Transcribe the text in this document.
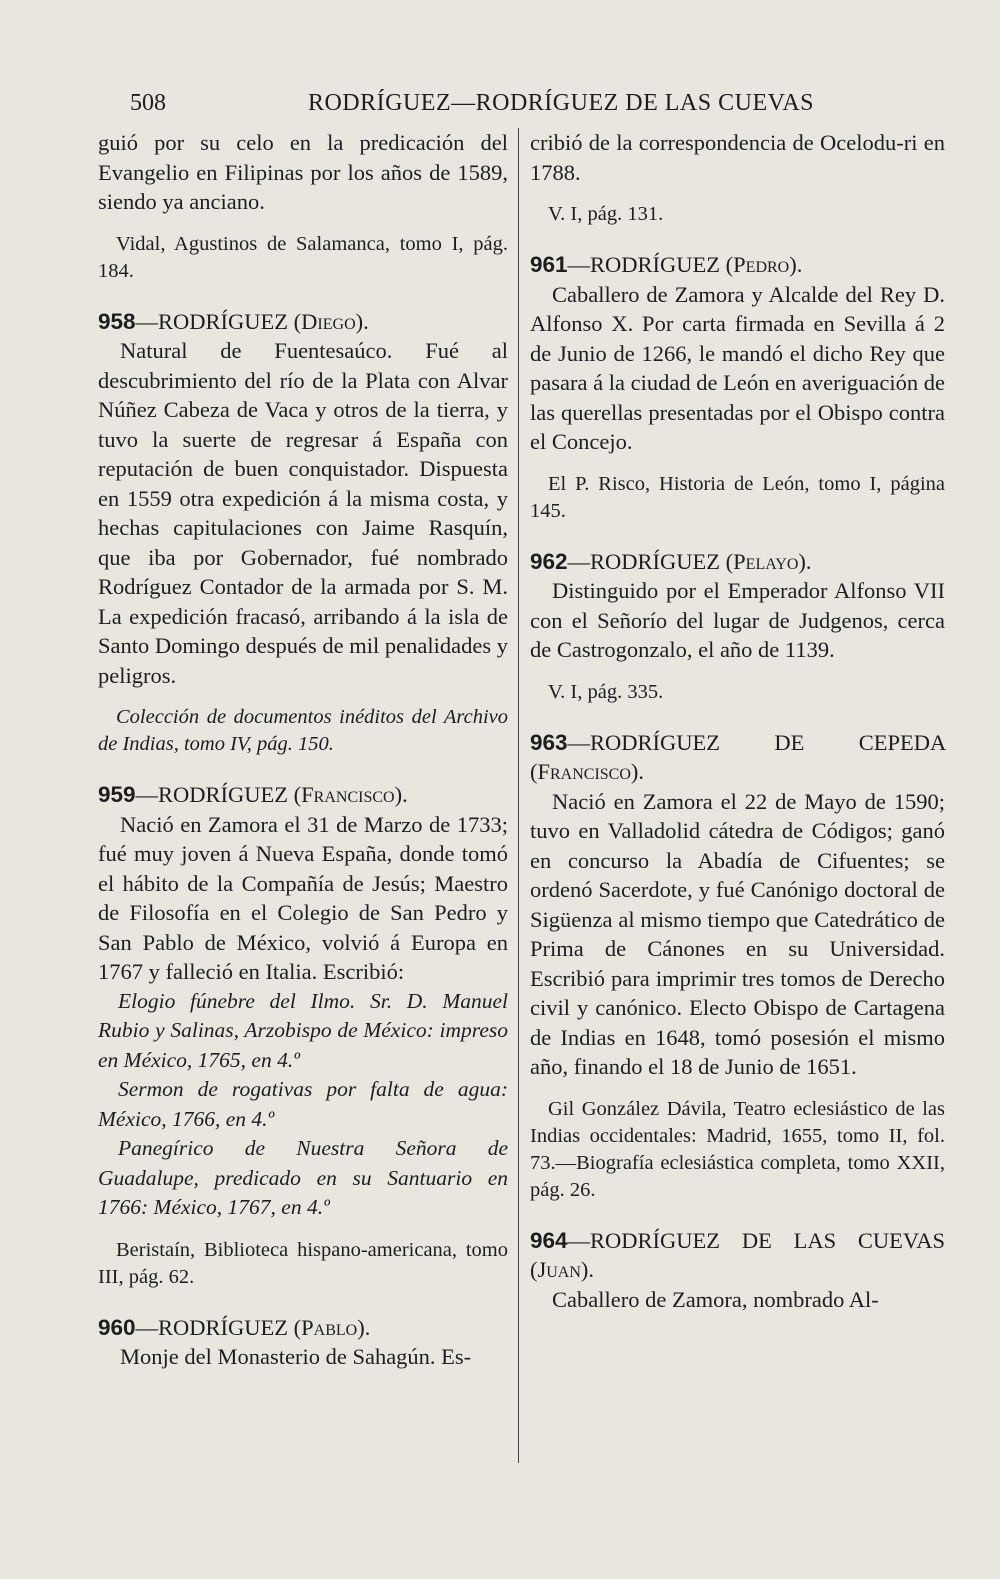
508	RODRÍGUEZ—RODRÍGUEZ DE LAS CUEVAS

guió por su celo en la predicación del Evangelio en Filipinas por los años de 1589, siendo ya anciano.

Vidal, Agustinos de Salamanca, tomo I, pág. 184.

958—RODRÍGUEZ (Diego).

Natural de Fuentesaúco. Fué al descubrimiento del río de la Plata con Alvar Núñez Cabeza de Vaca y otros de la tierra, y tuvo la suerte de regresar á España con reputación de buen conquistador. Dispuesta en 1559 otra expedición á la misma costa, y hechas capitulaciones con Jaime Rasquín, que iba por Gobernador, fué nombrado Rodríguez Contador de la armada por S. M. La expedición fracasó, arribando á la isla de Santo Domingo después de mil penalidades y peligros.

Colección de documentos inéditos del Archivo de Indias, tomo IV, pág. 150.

959—RODRÍGUEZ (Francisco).

Nació en Zamora el 31 de Marzo de 1733; fué muy joven á Nueva España, donde tomó el hábito de la Compañía de Jesús; Maestro de Filosofía en el Colegio de San Pedro y San Pablo de México, volvió á Europa en 1767 y falleció en Italia. Escribió:

Elogio fúnebre del Ilmo. Sr. D. Manuel Rubio y Salinas, Arzobispo de México: impreso en México, 1765, en 4.º

Sermon de rogativas por falta de agua: México, 1766, en 4.º

Panegírico de Nuestra Señora de Guadalupe, predicado en su Santuario en 1766: México, 1767, en 4.º

Beristaín, Biblioteca hispano-americana, tomo III, pág. 62.

960—RODRÍGUEZ (Pablo).

Monje del Monasterio de Sahagún. Es-

cribió de la correspondencia de Ocelodu-ri en 1788.

V. I, pág. 131.

961—RODRÍGUEZ (Pedro).

Caballero de Zamora y Alcalde del Rey D. Alfonso X. Por carta firmada en Sevilla á 2 de Junio de 1266, le mandó el dicho Rey que pasara á la ciudad de León en averiguación de las querellas presentadas por el Obispo contra el Concejo.

El P. Risco, Historia de León, tomo I, página 145.

962—RODRÍGUEZ (Pelayo).

Distinguido por el Emperador Alfonso VII con el Señorío del lugar de Judgenos, cerca de Castrogonzalo, el año de 1139.

V. I, pág. 335.

963—RODRÍGUEZ DE CEPEDA (Francisco).

Nació en Zamora el 22 de Mayo de 1590; tuvo en Valladolid cátedra de Códigos; ganó en concurso la Abadía de Cifuentes; se ordenó Sacerdote, y fué Canónigo doctoral de Sigüenza al mismo tiempo que Catedrático de Prima de Cánones en su Universidad. Escribió para imprimir tres tomos de Derecho civil y canónico. Electo Obispo de Cartagena de Indias en 1648, tomó posesión el mismo año, finando el 18 de Junio de 1651.

Gil González Dávila, Teatro eclesiástico de las Indias occidentales: Madrid, 1655, tomo II, fol. 73.—Biografía eclesiástica completa, tomo XXII, pág. 26.

964—RODRÍGUEZ DE LAS CUEVAS (Juan).

Caballero de Zamora, nombrado Al-
